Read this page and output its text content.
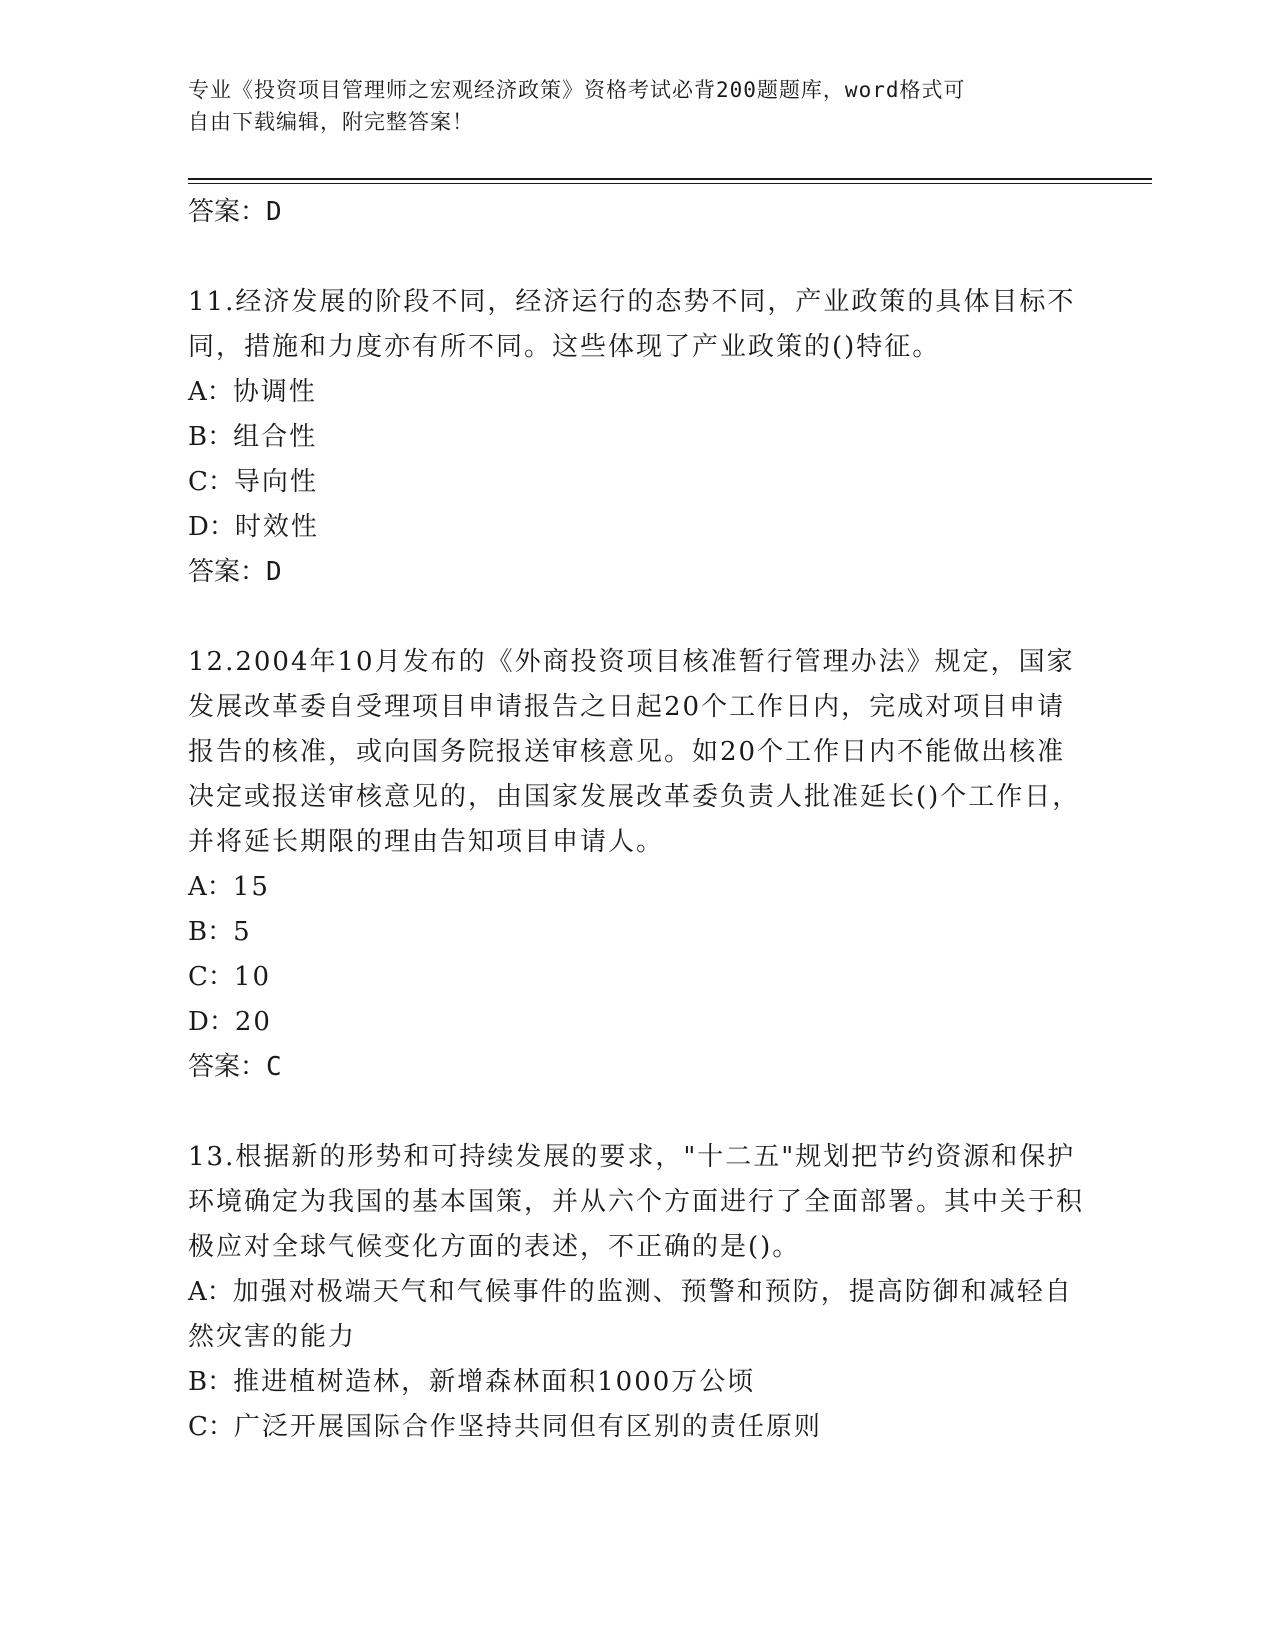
专业《投资项目管理师之宏观经济政策》资格考试必背200题题库，word格式可
自由下载编辑，附完整答案！
答案：D
11.经济发展的阶段不同，经济运行的态势不同，产业政策的具体目标不同，措施和力度亦有所不同。这些体现了产业政策的()特征。
A：协调性
B：组合性
C：导向性
D：时效性
答案：D
12.2004年10月发布的《外商投资项目核准暂行管理办法》规定，国家发展改革委自受理项目申请报告之日起20个工作日内，完成对项目申请报告的核准，或向国务院报送审核意见。如20个工作日内不能做出核准决定或报送审核意见的，由国家发展改革委负责人批准延长()个工作日，并将延长期限的理由告知项目申请人。
A：15
B：5
C：10
D：20
答案：C
13.根据新的形势和可持续发展的要求，"十二五"规划把节约资源和保护环境确定为我国的基本国策，并从六个方面进行了全面部署。其中关于积极应对全球气候变化方面的表述，不正确的是()。
A：加强对极端天气和气候事件的监测、预警和预防，提高防御和减轻自然灾害的能力
B：推进植树造林，新增森林面积1000万公顷
C：广泛开展国际合作坚持共同但有区别的责任原则
